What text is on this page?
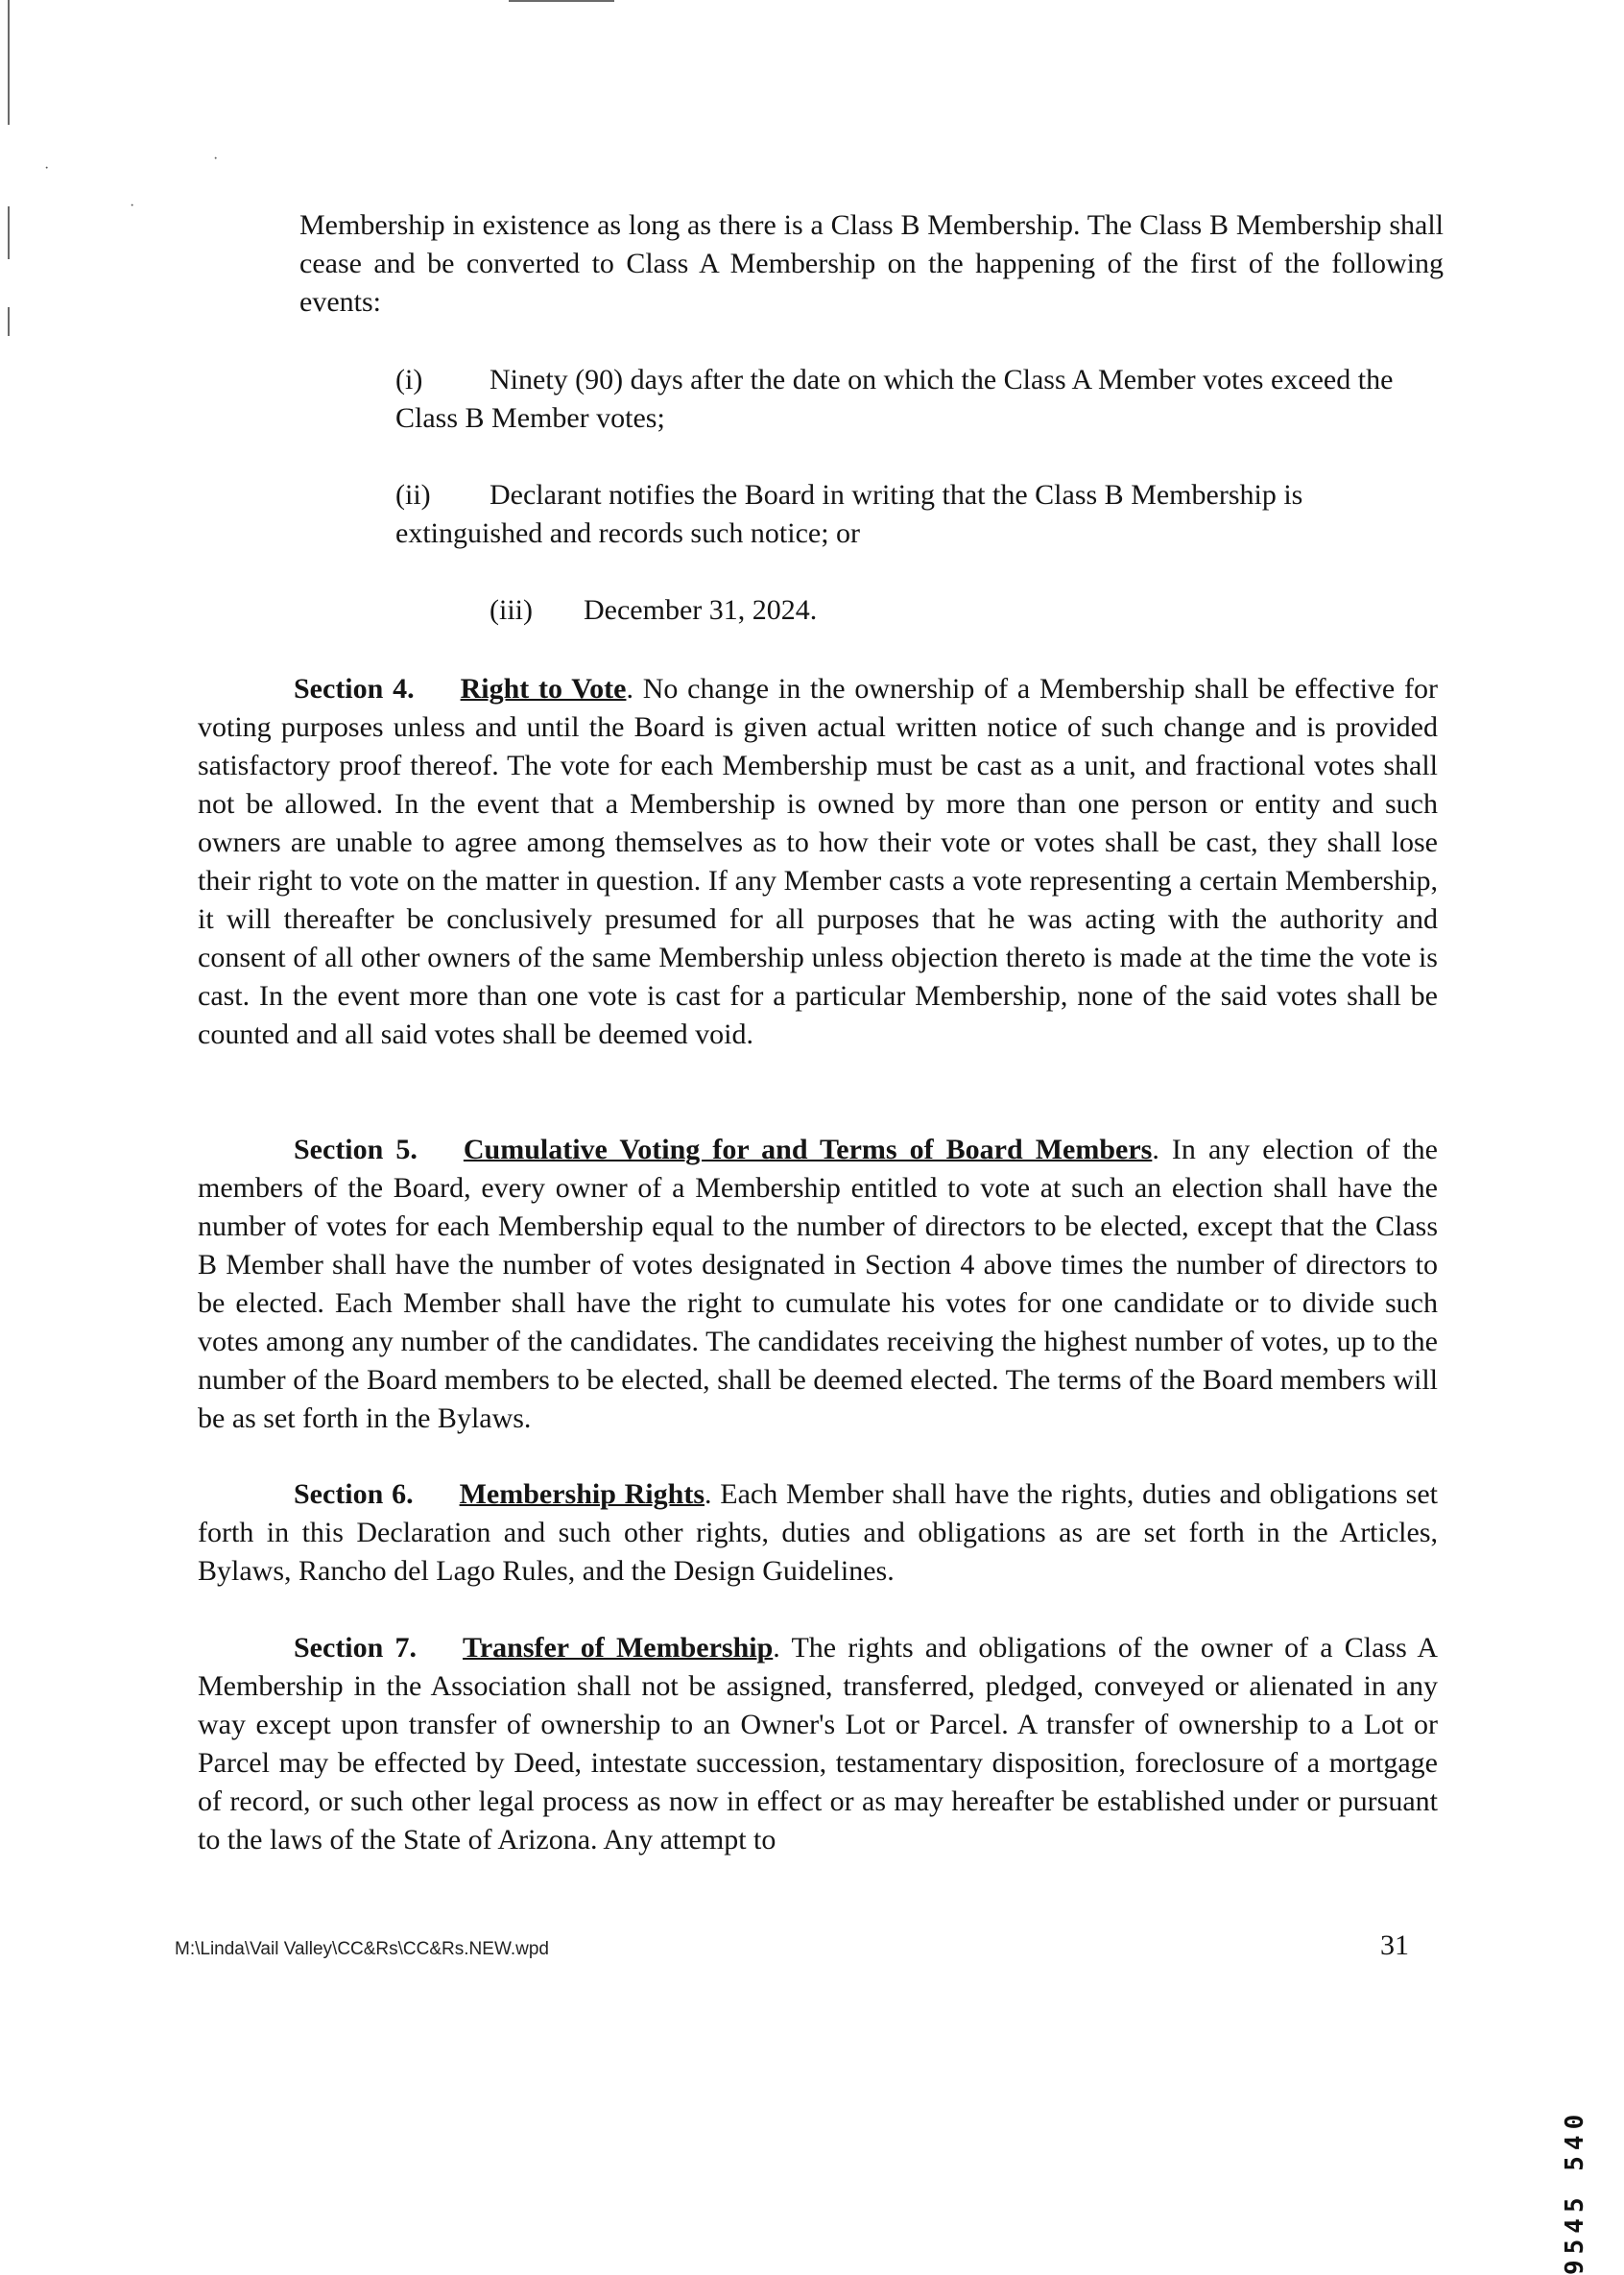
·
·
·

Membership in existence as long as there is a Class B Membership. The Class B Membership shall cease and be converted to Class A Membership on the happening of the first of the following events:

(i) Ninety (90) days after the date on which the Class A Member votes exceed the Class B Member votes;

(ii) Declarant notifies the Board in writing that the Class B Membership is extinguished and records such notice; or

(iii) December 31, 2024.

Section 4. Right to Vote. No change in the ownership of a Membership shall be effective for voting purposes unless and until the Board is given actual written notice of such change and is provided satisfactory proof thereof. The vote for each Membership must be cast as a unit, and fractional votes shall not be allowed. In the event that a Membership is owned by more than one person or entity and such owners are unable to agree among themselves as to how their vote or votes shall be cast, they shall lose their right to vote on the matter in question. If any Member casts a vote representing a certain Membership, it will thereafter be conclusively presumed for all purposes that he was acting with the authority and consent of all other owners of the same Membership unless objection thereto is made at the time the vote is cast. In the event more than one vote is cast for a particular Membership, none of the said votes shall be counted and all said votes shall be deemed void.

Section 5. Cumulative Voting for and Terms of Board Members. In any election of the members of the Board, every owner of a Membership entitled to vote at such an election shall have the number of votes for each Membership equal to the number of directors to be elected, except that the Class B Member shall have the number of votes designated in Section 4 above times the number of directors to be elected. Each Member shall have the right to cumulate his votes for one candidate or to divide such votes among any number of the candidates. The candidates receiving the highest number of votes, up to the number of the Board members to be elected, shall be deemed elected. The terms of the Board members will be as set forth in the Bylaws.

Section 6. Membership Rights. Each Member shall have the rights, duties and obligations set forth in this Declaration and such other rights, duties and obligations as are set forth in the Articles, Bylaws, Rancho del Lago Rules, and the Design Guidelines.

Section 7. Transfer of Membership. The rights and obligations of the owner of a Class A Membership in the Association shall not be assigned, transferred, pledged, conveyed or alienated in any way except upon transfer of ownership to an Owner's Lot or Parcel. A transfer of ownership to a Lot or Parcel may be effected by Deed, intestate succession, testamentary disposition, foreclosure of a mortgage of record, or such other legal process as now in effect or as may hereafter be established under or pursuant to the laws of the State of Arizona. Any attempt to

M:\Linda\Vail Valley\CC&Rs\CC&Rs.NEW.wpd	31
9545 540
